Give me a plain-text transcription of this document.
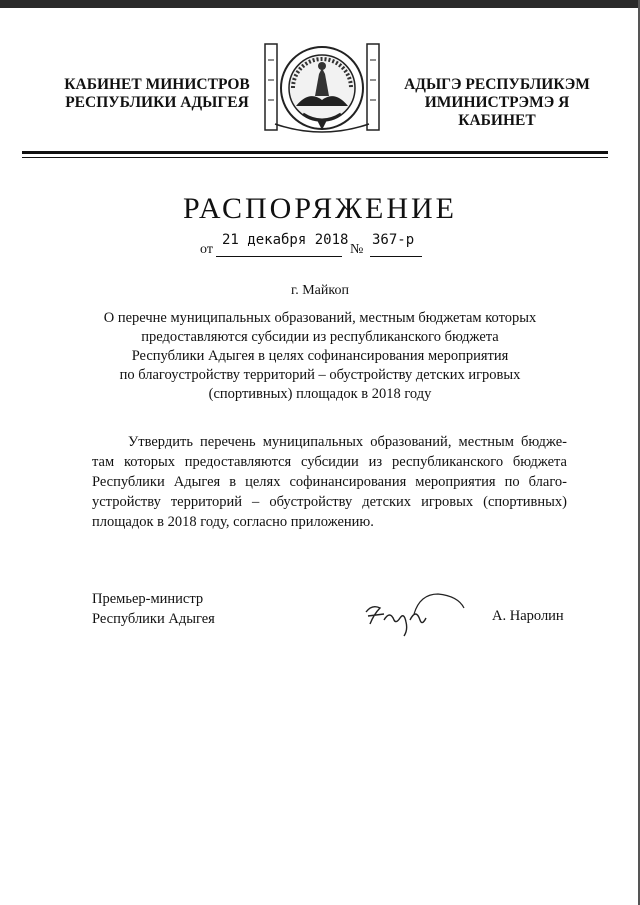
КАБИНЕТ МИНИСТРОВ
РЕСПУБЛИКИ АДЫГЕЯ
АДЫГЭ РЕСПУБЛИКЭМ
ИМИНИСТРЭМЭ Я КАБИНЕТ
РАСПОРЯЖЕНИЕ
от
21 декабря 2018
№
367-р
г. Майкоп
О перечне муниципальных образований, местным бюджетам которых
предоставляются субсидии из республиканского бюджета
Республики Адыгея в целях софинансирования мероприятия
по благоустройству территорий – обустройству детских игровых
(спортивных) площадок в 2018 году
Утвердить перечень муниципальных образований, местным бюдже-
там которых предоставляются субсидии из республиканского бюджета
Республики Адыгея в целях софинансирования мероприятия по благо-
устройству территорий – обустройству детских игровых (спортивных)
площадок в 2018 году, согласно приложению.
Премьер-министр
Республики Адыгея	А. Наролин
